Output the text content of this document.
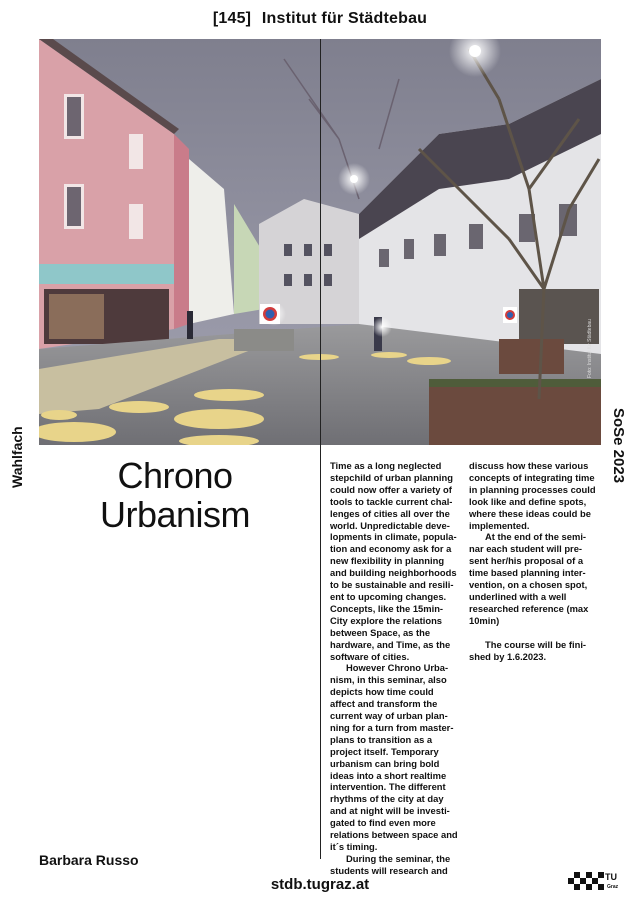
[145] Institut für Städtebau
Foto: Institut für Städtebau
Wahlfach	SoSe 2023
Chrono
Urbanism

Time as a long neglected stepchild of urban planning could now offer a variety of tools to tackle current chal-lenges of cities all over the world. Unpredictable deve-lopments in climate, popula-tion and economy ask for a new flexibility in planning and building neighborhoods to be sustainable and resili-ent to upcoming changes. Concepts, like the 15min-City explore the relations between Space, as the hardware, and Time, as the software of cities.

However Chrono Urba-nism, in this seminar, also depicts how time could affect and transform the current way of urban plan-ning for a turn from master-plans to transition as a project itself. Temporary urbanism can bring bold ideas into a short realtime intervention. The different rhythms of the city at day and at night will be investi-gated to find even more relations between space and it´s timing.

During the seminar, the students will research and

discuss how these various concepts of integrating time in planning processes could look like and define spots, where these ideas could be implemented.

At the end of the semi-nar each student will pre-sent her/his proposal of a time based planning inter-vention, on a chosen spot, underlined with a well researched reference (max 10min)

The course will be fini-shed by 1.6.2023.

Barbara Russo
stdb.tugraz.at	TU
Graz
